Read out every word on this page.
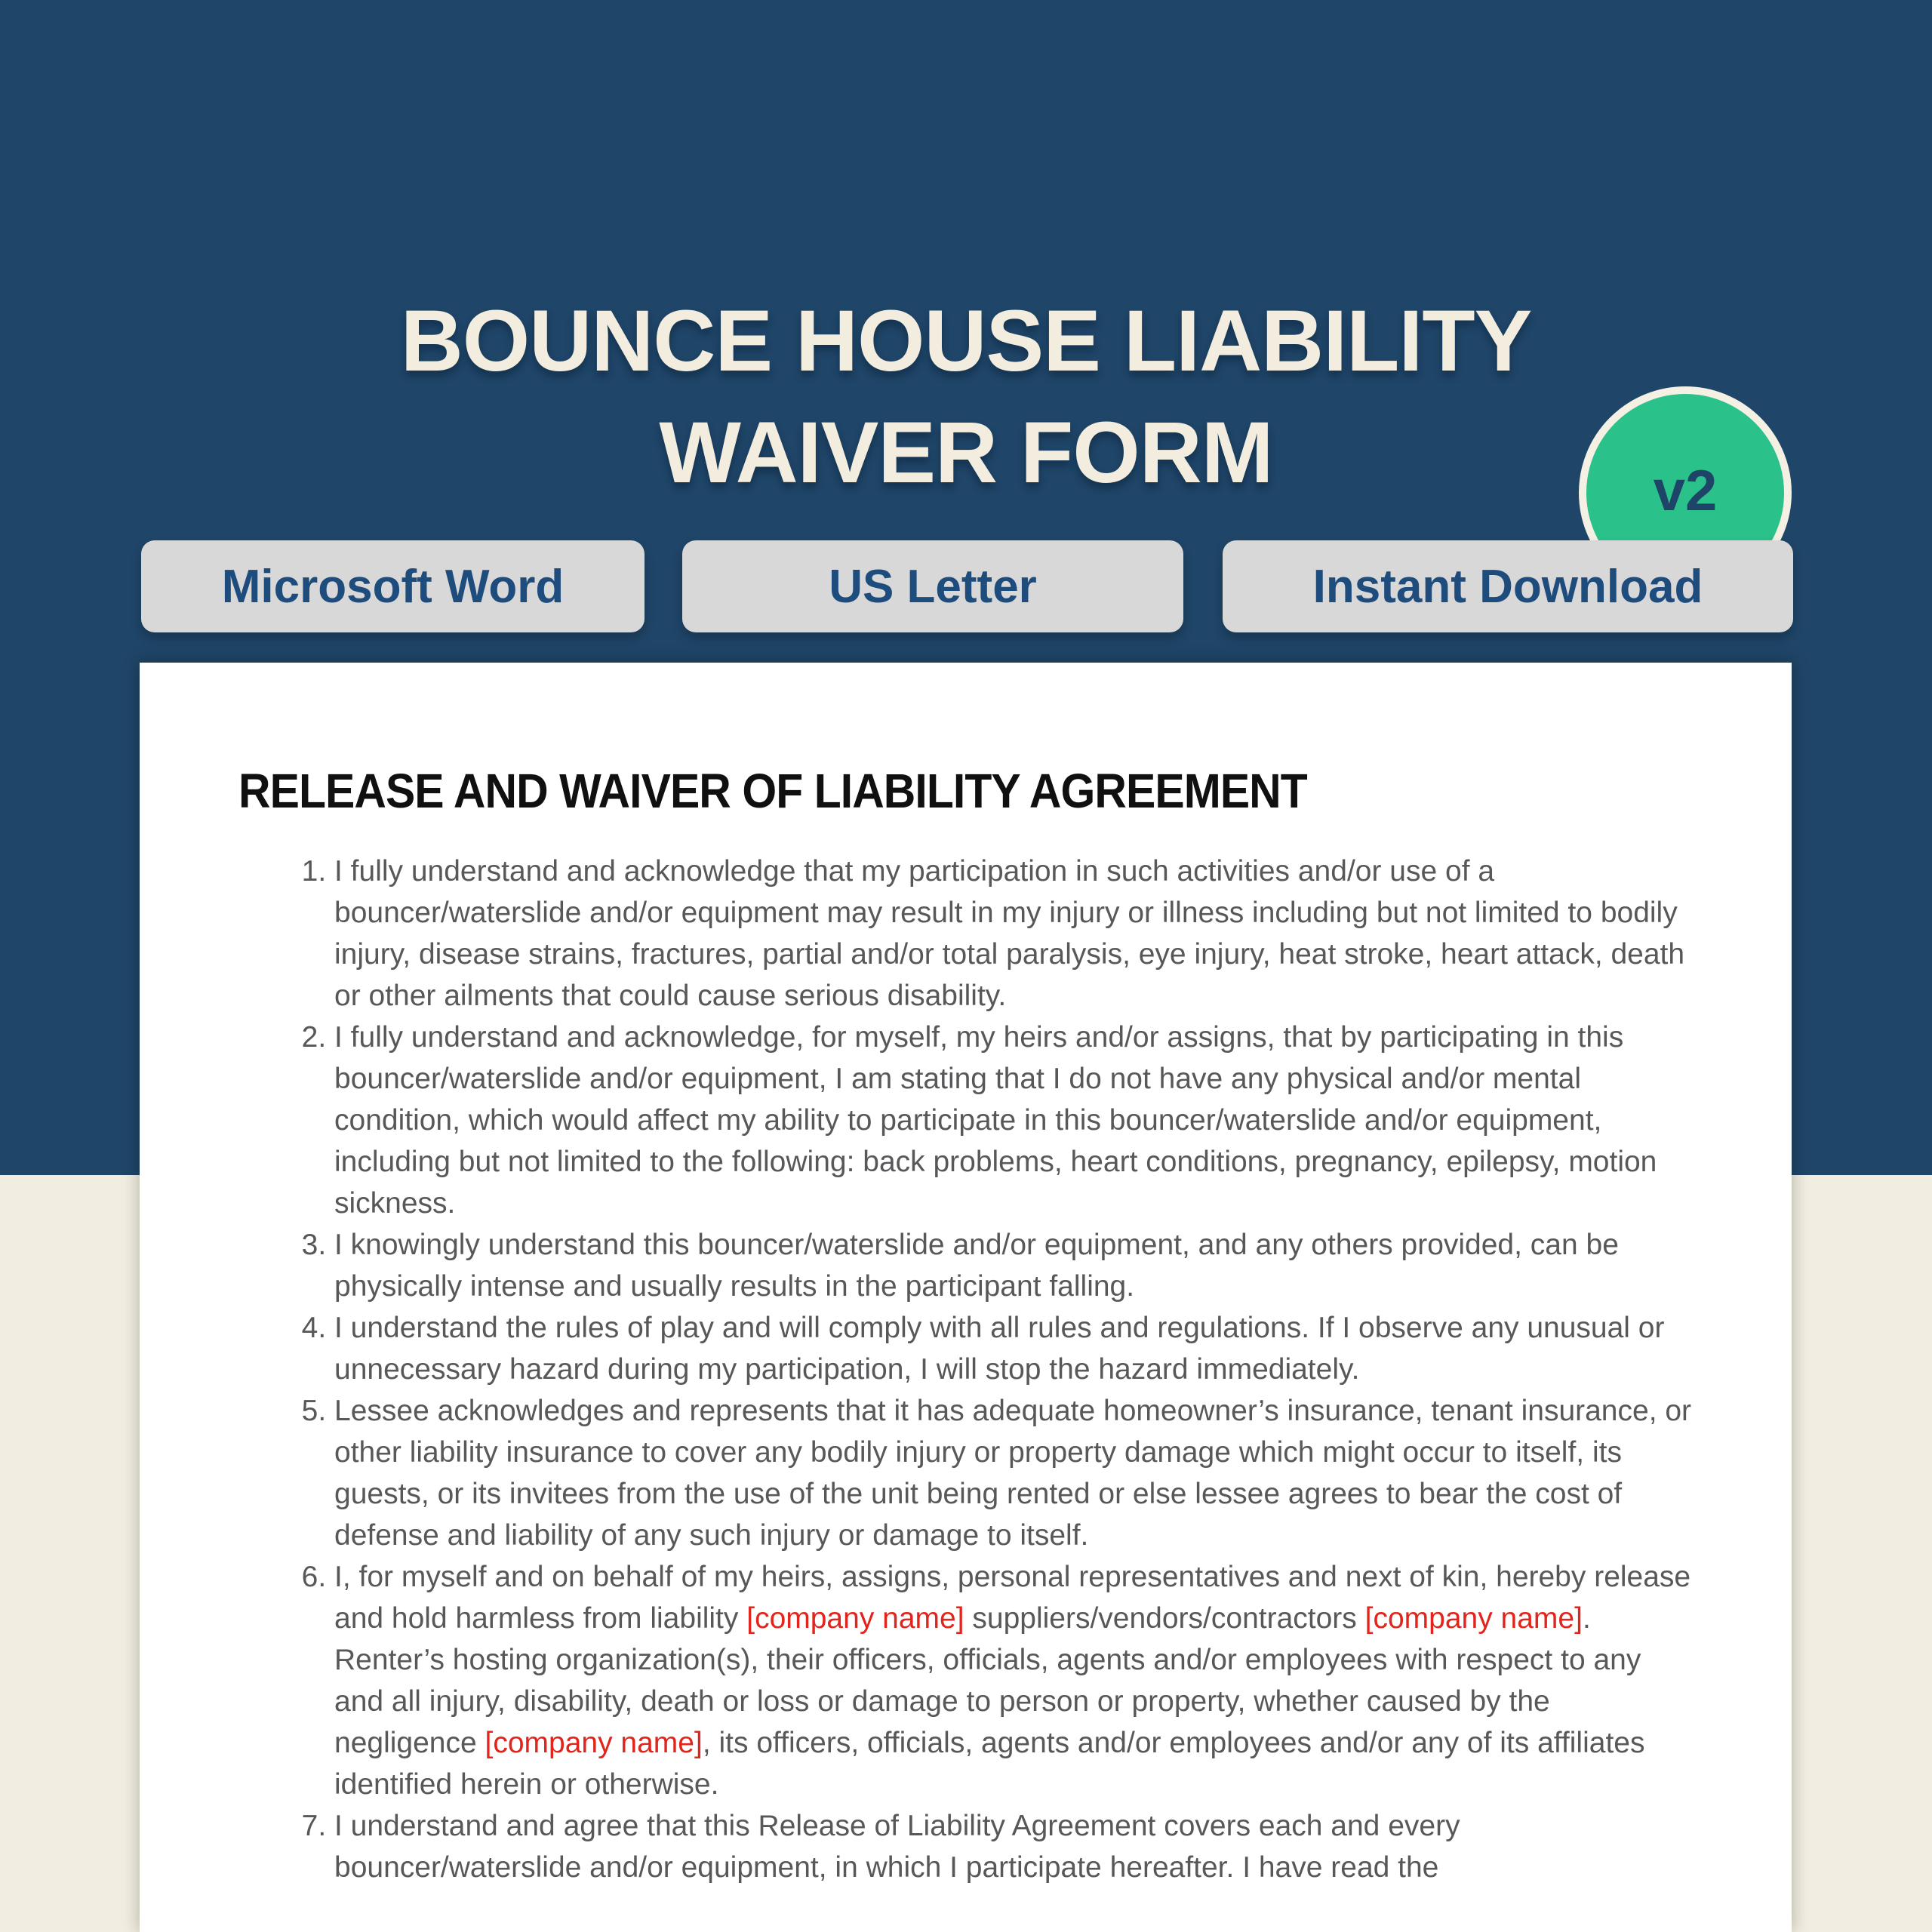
BOUNCE HOUSE LIABILITY
WAIVER FORM	v2
Microsoft Word	US Letter	Instant Download
RELEASE AND WAIVER OF LIABILITY AGREEMENT
1. I fully understand and acknowledge that my participation in such activities and/or use of a bouncer/waterslide and/or equipment may result in my injury or illness including but not limited to bodily injury, disease strains, fractures, partial and/or total paralysis, eye injury, heat stroke, heart attack, death or other ailments that could cause serious disability.
2. I fully understand and acknowledge, for myself, my heirs and/or assigns, that by participating in this bouncer/waterslide and/or equipment, I am stating that I do not have any physical and/or mental condition, which would affect my ability to participate in this bouncer/waterslide and/or equipment, including but not limited to the following: back problems, heart conditions, pregnancy, epilepsy, motion sickness.
3. I knowingly understand this bouncer/waterslide and/or equipment, and any others provided, can be physically intense and usually results in the participant falling.
4. I understand the rules of play and will comply with all rules and regulations. If I observe any unusual or unnecessary hazard during my participation, I will stop the hazard immediately.
5. Lessee acknowledges and represents that it has adequate homeowner’s insurance, tenant insurance, or other liability insurance to cover any bodily injury or property damage which might occur to itself, its guests, or its invitees from the use of the unit being rented or else lessee agrees to bear the cost of defense and liability of any such injury or damage to itself.
6. I, for myself and on behalf of my heirs, assigns, personal representatives and next of kin, hereby release and hold harmless from liability [company name] suppliers/vendors/contractors [company name]. Renter’s hosting organization(s), their officers, officials, agents and/or employees with respect to any and all injury, disability, death or loss or damage to person or property, whether caused by the negligence [company name], its officers, officials, agents and/or employees and/or any of its affiliates identified herein or otherwise.
7. I understand and agree that this Release of Liability Agreement covers each and every bouncer/waterslide and/or equipment, in which I participate hereafter. I have read the
